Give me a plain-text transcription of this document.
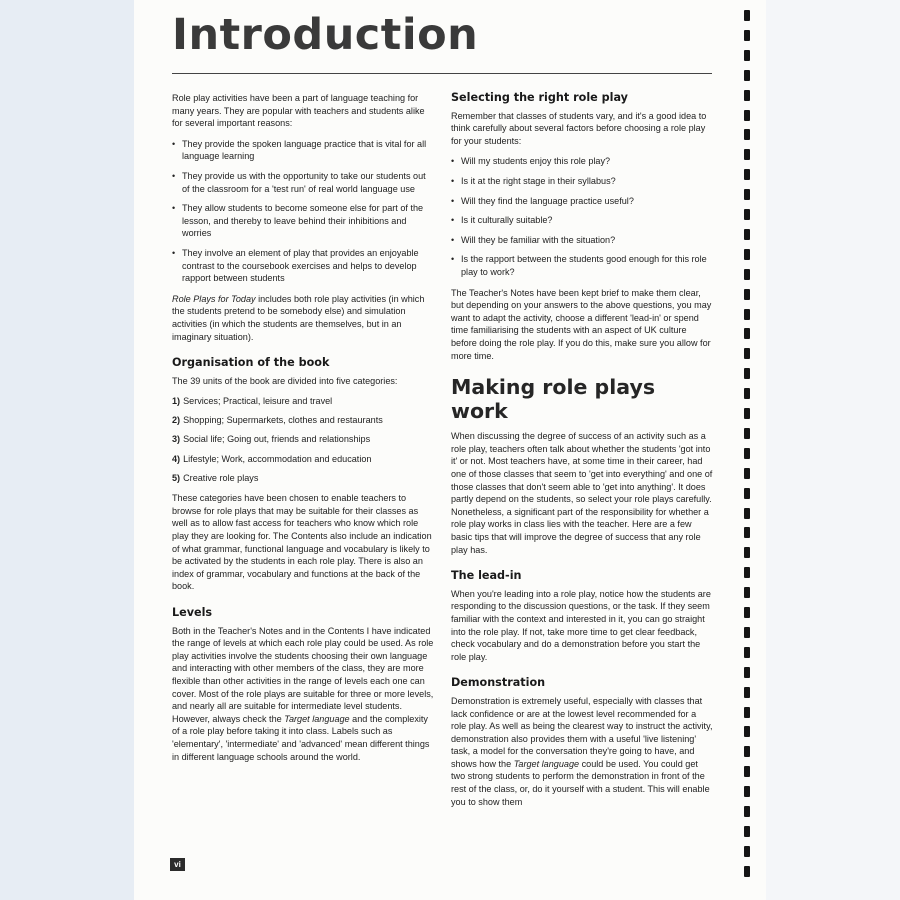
Introduction

Role play activities have been a part of language teaching for many years. They are popular with teachers and students alike for several important reasons:

• They provide the spoken language practice that is vital for all language learning
• They provide us with the opportunity to take our students out of the classroom for a 'test run' of real world language use
• They allow students to become someone else for part of the lesson, and thereby to leave behind their inhibitions and worries
• They involve an element of play that provides an enjoyable contrast to the coursebook exercises and helps to develop rapport between students

Role Plays for Today includes both role play activities (in which the students pretend to be somebody else) and simulation activities (in which the students are themselves, but in an imaginary situation).

Organisation of the book

The 39 units of the book are divided into five categories:

1) Services; Practical, leisure and travel
2) Shopping; Supermarkets, clothes and restaurants
3) Social life; Going out, friends and relationships
4) Lifestyle; Work, accommodation and education
5) Creative role plays

These categories have been chosen to enable teachers to browse for role plays that may be suitable for their classes as well as to allow fast access for teachers who know which role play they are looking for. The Contents also include an indication of what grammar, functional language and vocabulary is likely to be activated by the students in each role play. There is also an index of grammar, vocabulary and functions at the back of the book.

Levels

Both in the Teacher's Notes and in the Contents I have indicated the range of levels at which each role play could be used. As role play activities involve the students choosing their own language and interacting with other members of the class, they are more flexible than other activities in the range of levels each one can cover. Most of the role plays are suitable for three or more levels, and nearly all are suitable for intermediate level students. However, always check the Target language and the complexity of a role play before taking it into class. Labels such as 'elementary', 'intermediate' and 'advanced' mean different things in different language schools around the world.

Selecting the right role play

Remember that classes of students vary, and it's a good idea to think carefully about several factors before choosing a role play for your students:

• Will my students enjoy this role play?
• Is it at the right stage in their syllabus?
• Will they find the language practice useful?
• Is it culturally suitable?
• Will they be familiar with the situation?
• Is the rapport between the students good enough for this role play to work?

The Teacher's Notes have been kept brief to make them clear, but depending on your answers to the above questions, you may want to adapt the activity, choose a different 'lead-in' or spend time familiarising the students with an aspect of UK culture before doing the role play. If you do this, make sure you allow for more time.

Making role plays work

When discussing the degree of success of an activity such as a role play, teachers often talk about whether the students 'got into it' or not. Most teachers have, at some time in their career, had one of those classes that seem to 'get into everything' and one of those classes that don't seem able to 'get into anything'. It does partly depend on the students, so select your role plays carefully. Nonetheless, a significant part of the responsibility for whether a role play works in class lies with the teacher. Here are a few basic tips that will improve the degree of success that any role play has.

The lead-in

When you're leading into a role play, notice how the students are responding to the discussion questions, or the task. If they seem familiar with the context and interested in it, you can go straight into the role play. If not, take more time to get clear feedback, check vocabulary and do a demonstration before you start the role play.

Demonstration

Demonstration is extremely useful, especially with classes that lack confidence or are at the lowest level recommended for a role play. As well as being the clearest way to instruct the activity, demonstration also provides them with a useful 'live listening' task, a model for the conversation they're going to have, and shows how the Target language could be used. You could get two strong students to perform the demonstration in front of the rest of the class, or, do it yourself with a student. This will enable you to show them

vi
